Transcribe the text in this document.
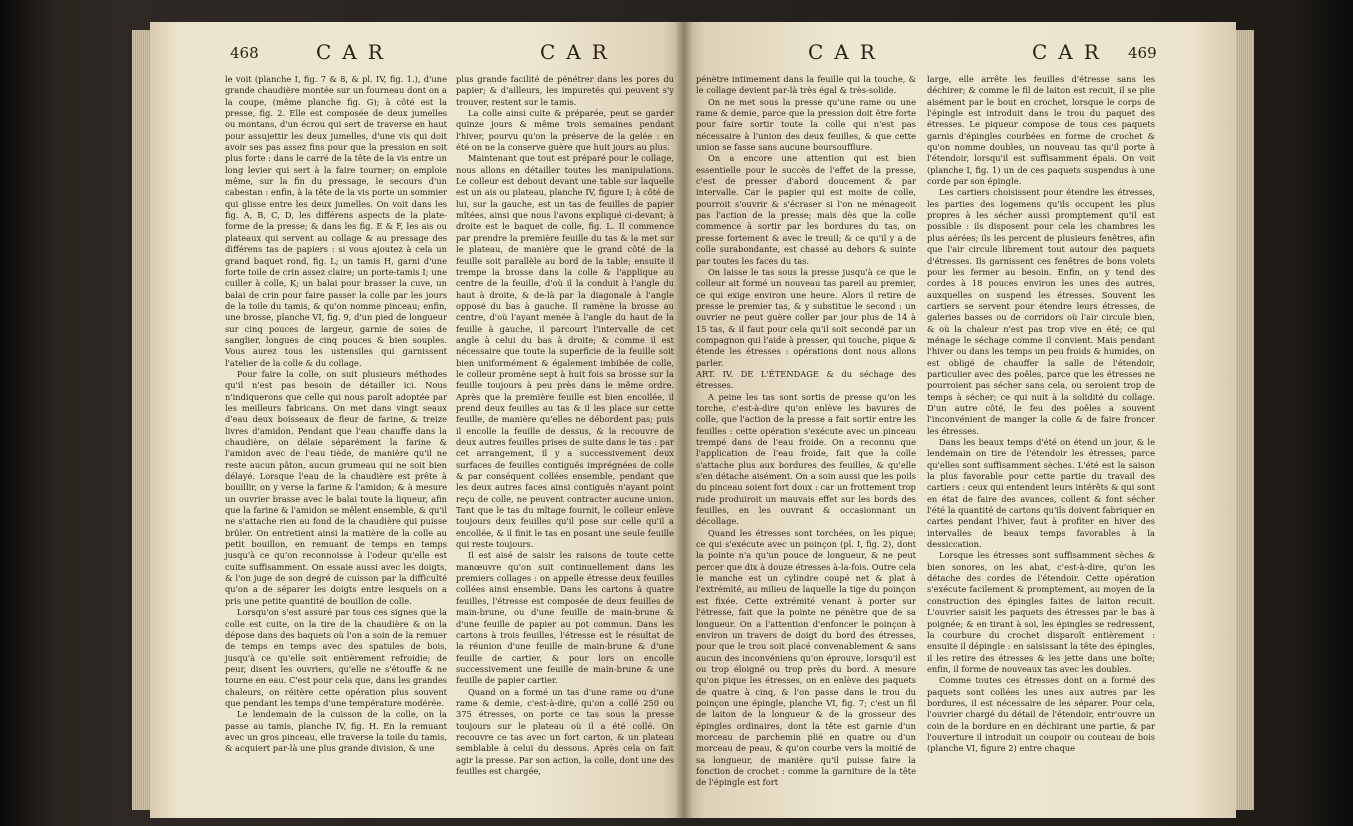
468	CAR	CAR	CAR	CAR 469

le voit (planche I, fig. 7 & 8, & pl. IV, fig. 1.), d'une grande chaudière montée sur un fourneau dont on a la coupe, (même planche fig. G); à côté est la presse, fig. 2. Elle est composée de deux jumelles ou montans, d'un écrou qui sert de traverse en haut pour assujettir les deux jumelles, d'une vis qui doit avoir ses pas assez fins pour que la pression en soit plus forte : dans le carré de la tête de la vis entre un long levier qui sert à la faire tourner; on emploie même, sur la fin du pressage, le secours d'un cabestan : enfin, à la tête de la vis porte un sommier qui glisse entre les deux jumelles. On voit dans les fig. A, B, C, D, les différens aspects de la plate-forme de la presse; & dans les fig. E & F, les ais ou plateaux qui servent au collage & au pressage des différens tas de papiers : si vous ajoutez à cela un grand baquet rond, fig. L; un tamis H, garni d'une forte toile de crin assez claire; un porte-tamis I; une cuiller à colle, K; un balai pour brasser la cuve, un balai de crin pour faire passer la colle par les jours de la toile du tamis, & qu'on nomme pinceau; enfin, une brosse, planche VI, fig. 9, d'un pied de longueur sur cinq pouces de largeur, garnie de soies de sanglier, longues de cinq pouces & bien souples. Vous aurez tous les ustensiles qui garnissent l'atelier de la colle & du collage.

Pour faire la colle, on suit plusieurs méthodes qu'il n'est pas besoin de détailler ici. Nous n'indiquerons que celle qui nous paroît adoptée par les meilleurs fabricans. On met dans vingt seaux d'eau deux boisseaux de fleur de farine, & treize livres d'amidon. Pendant que l'eau chauffe dans la chaudière, on délaie séparément la farine & l'amidon avec de l'eau tiède, de manière qu'il ne reste aucun pâton, aucun grumeau qui ne soit bien délayé. Lorsque l'eau de la chaudière est prête à bouillir, on y verse la farine & l'amidon; & à mesure un ouvrier brasse avec le balai toute la liqueur, afin que la farine & l'amidon se mêlent ensemble, & qu'il ne s'attache rien au fond de la chaudière qui puisse brûler. On entretient ainsi la matière de la colle au petit bouillon, en remuant de temps en temps jusqu'à ce qu'on reconnoisse à l'odeur qu'elle est cuite suffisamment. On essaie aussi avec les doigts, & l'on juge de son degré de cuisson par la difficulté qu'on a de séparer les doigts entre lesquels on a pris une petite quantité de bouillon de colle.

Lorsqu'on s'est assuré par tous ces signes que la colle est cuite, on la tire de la chaudière & on la dépose dans des baquets où l'on a soin de la remuer de temps en temps avec des spatules de bois, jusqu'à ce qu'elle soit entièrement refroidie; de peur, disent les ouvriers, qu'elle ne s'étouffe & ne tourne en eau. C'est pour cela que, dans les grandes chaleurs, on réitère cette opération plus souvent que pendant les temps d'une température modérée.

Le lendemain de la cuisson de la colle, on la passe au tamis, planche IV, fig. H. En la remuant avec un gros pinceau, elle traverse la toile du tamis, & acquiert par-là une plus grande division, & une

plus grande facilité de pénétrer dans les pores du papier; & d'ailleurs, les impuretés qui peuvent s'y trouver, restent sur le tamis.

La colle ainsi cuite & préparée, peut se garder quinze jours & même trois semaines pendant l'hiver, pourvu qu'on la préserve de la gelée : en été on ne la conserve guère que huit jours au plus.

Maintenant que tout est préparé pour le collage, nous allons en détailler toutes les manipulations. Le colleur est debout devant une table sur laquelle est un ais ou plateau, planche IV, figure I; à côté de lui, sur la gauche, est un tas de feuilles de papier mîtées, ainsi que nous l'avons expliqué ci-devant; à droite est le baquet de colle, fig. L. Il commence par prendre la première feuille du tas & la met sur le plateau, de manière que le grand côté de la feuille soit parallèle au bord de la table; ensuite il trempe la brosse dans la colle & l'applique au centre de la feuille, d'où il la conduit à l'angle du haut à droite, & de-là par la diagonale à l'angle opposé du bas à gauche. Il ramène la brosse au centre, d'où l'ayant menée à l'angle du haut de la feuille à gauche, il parcourt l'intervalle de cet angle à celui du bas à droite; & comme il est nécessaire que toute la superficie de la feuille soit bien uniformément & également imbibée de colle, le colleur promène sept à huit fois sa brosse sur la feuille toujours à peu près dans le même ordre. Après que la première feuille est bien encollée, il prend deux feuilles au tas & il les place sur cette feuille, de manière qu'elles ne débordent pas; puis il encolle la feuille de dessus, & la recouvre de deux autres feuilles prises de suite dans le tas : par cet arrangement, il y a successivement deux surfaces de feuilles contiguës imprégnées de colle & par conséquent collées ensemble, pendant que les deux autres faces ainsi contiguës n'ayant point reçu de colle, ne peuvent contracter aucune union. Tant que le tas du mîtage fournit, le colleur enlève toujours deux feuilles qu'il pose sur celle qu'il a encollée, & il finit le tas en posant une seule feuille qui reste toujours.

Il est aisé de saisir les raisons de toute cette manœuvre qu'on suit continuellement dans les premiers collages : on appelle étresse deux feuilles collées ainsi ensemble. Dans les cartons à quatre feuilles, l'étresse est composée de deux feuilles de main-brune, ou d'une feuille de main-brune & d'une feuille de papier au pot commun. Dans les cartons à trois feuilles, l'étresse est le résultat de la réunion d'une feuille de main-brune & d'une feuille de cartier, & pour lors on encolle successivement une feuille de main-brune & une feuille de papier cartier.

Quand on a formé un tas d'une rame ou d'une rame & demie, c'est-à-dire, qu'on a collé 250 ou 375 étresses, on porte ce tas sous la presse toujours sur le plateau où il a été collé. On recouvre ce tas avec un fort carton, & un plateau semblable à celui du dessous. Après cela on fait agir la presse. Par son action, la colle, dont une des feuilles est chargée,

pénètre intimement dans la feuille qui la touche, & le collage devient par-là très égal & très-solide.

On ne met sous la presse qu'une rame ou une rame & demie, parce que la pression doit être forte pour faire sortir toute la colle qui n'est pas nécessaire à l'union des deux feuilles, & que cette union se fasse sans aucune boursoufflure.

On a encore une attention qui est bien essentielle pour le succès de l'effet de la presse, c'est de presser d'abord doucement & par intervalle. Car le papier qui est moite de colle, pourroit s'ouvrir & s'écraser si l'on ne ménageoit pas l'action de la presse; mais dès que la colle commence à sortir par les bordures du tas, on presse fortement & avec le treuil; & ce qu'il y a de colle surabondante, est chassé au dehors & suinte par toutes les faces du tas.

On laisse le tas sous la presse jusqu'à ce que le colleur ait formé un nouveau tas pareil au premier, ce qui exige environ une heure. Alors il retire de presse le premier tas, & y substitue le second : un ouvrier ne peut guère coller par jour plus de 14 à 15 tas, & il faut pour cela qu'il soit secondé par un compagnon qui l'aide à presser, qui touche, pique & étende les étresses : opérations dont nous allons parler.

ART. IV. DE L'ÉTENDAGE & du séchage des étresses.

A peine les tas sont sortis de presse qu'on les torche, c'est-à-dire qu'on enlève les bavures de colle, que l'action de la presse a fait sortir entre les feuilles : cette opération s'exécute avec un pinceau trempé dans de l'eau froide. On a reconnu que l'application de l'eau froide, fait que la colle s'attache plus aux bordures des feuilles, & qu'elle s'en détache aisément. On a soin aussi que les poils du pinceau soient fort doux : car un frottement trop rude produiroit un mauvais effet sur les bords des feuilles, en les ouvrant & occasionnant un décollage.

Quand les étresses sont torchées, on les pique; ce qui s'exécute avec un poinçon (pl. I, fig. 2), dont la pointe n'a qu'un pouce de longueur, & ne peut percer que dix à douze étresses à-la-fois. Outre cela le manche est un cylindre coupé net & plat à l'extrémité, au milieu de laquelle la tige du poinçon est fixée. Cette extrémité venant à porter sur l'étresse, fait que la pointe ne pénètre que de sa longueur. On a l'attention d'enfoncer le poinçon à environ un travers de doigt du bord des étresses, pour que le trou soit placé convenablement & sans aucun des inconvéniens qu'on éprouve, lorsqu'il est ou trop éloigné ou trop près du bord. A mesure qu'on pique les étresses, on en enlève des paquets de quatre à cinq, & l'on passe dans le trou du poinçon une épingle, planche VI, fig. 7; c'est un fil de laiton de la longueur & de la grosseur des épingles ordinaires, dont la tête est garnie d'un morceau de parchemin plié en quatre ou d'un morceau de peau, & qu'on courbe vers la moitié de sa longueur, de manière qu'il puisse faire la fonction de crochet : comme la garniture de la tête de l'épingle est fort

large, elle arrête les feuilles d'étresse sans les déchirer; & comme le fil de laiton est recuit, il se plie aisément par le bout en crochet, lorsque le corps de l'épingle est introduit dans le trou du paquet des étresses. Le piqueur compose de tous ces paquets garnis d'épingles courbées en forme de crochet & qu'on nomme doubles, un nouveau tas qu'il porte à l'étendoir, lorsqu'il est suffisamment épais. On voit (planche I, fig. 1) un de ces paquets suspendus à une corde par son épingle.

Les cartiers choisissent pour étendre les étresses, les parties des logemens qu'ils occupent les plus propres à les sécher aussi promptement qu'il est possible : ils disposent pour cela les chambres les plus aérées; ils les percent de plusieurs fenêtres, afin que l'air circule librement tout autour des paquets d'étresses. Ils garnissent ces fenêtres de bons volets pour les fermer au besoin. Enfin, on y tend des cordes à 18 pouces environ les unes des autres, auxquelles on suspend les étresses. Souvent les cartiers se servent pour étendre leurs étresses, de galeries basses ou de corridors où l'air circule bien, & où la chaleur n'est pas trop vive en été; ce qui ménage le séchage comme il convient. Mais pendant l'hiver ou dans les temps un peu froids & humides, on est obligé de chauffer la salle de l'étendoir, particulier avec des poêles, parce que les étresses ne pourroient pas sécher sans cela, ou seroient trop de temps à sécher; ce qui nuit à la solidité du collage. D'un autre côté, le feu des poêles a souvent l'inconvénient de manger la colle & de faire froncer les étresses.

Dans les beaux temps d'été on étend un jour, & le lendemain on tire de l'étendoir les étresses, parce qu'elles sont suffisamment sèches. L'été est la saison la plus favorable pour cette partie du travail des cartiers : ceux qui entendent leurs intérêts & qui sont en état de faire des avances, collent & font sécher l'été la quantité de cartons qu'ils doivent fabriquer en cartes pendant l'hiver, faut à profiter en hiver des intervalles de beaux temps favorables à la dessiccation.

Lorsque les étresses sont suffisamment sèches & bien sonores, on les abat, c'est-à-dire, qu'on les détache des cordes de l'étendoir. Cette opération s'exécute facilement & promptement, au moyen de la construction des épingles faites de laiton recuit. L'ouvrier saisit les paquets des étresses par le bas à poignée; & en tirant à soi, les épingles se redressent, la courbure du crochet disparoît entièrement : ensuite il dépingle : en saisissant la tête des épingles, il les retire des étresses & les jette dans une boîte; enfin, il forme de nouveaux tas avec les doubles.

Comme toutes ces étresses dont on a formé des paquets sont collées les unes aux autres par les bordures, il est nécessaire de les séparer. Pour cela, l'ouvrier chargé du détail de l'étendoir, entr'ouvre un coin de la bordure en en déchirant une partie, & par l'ouverture il introduit un coupoir ou couteau de bois (planche VI, figure 2) entre chaque
